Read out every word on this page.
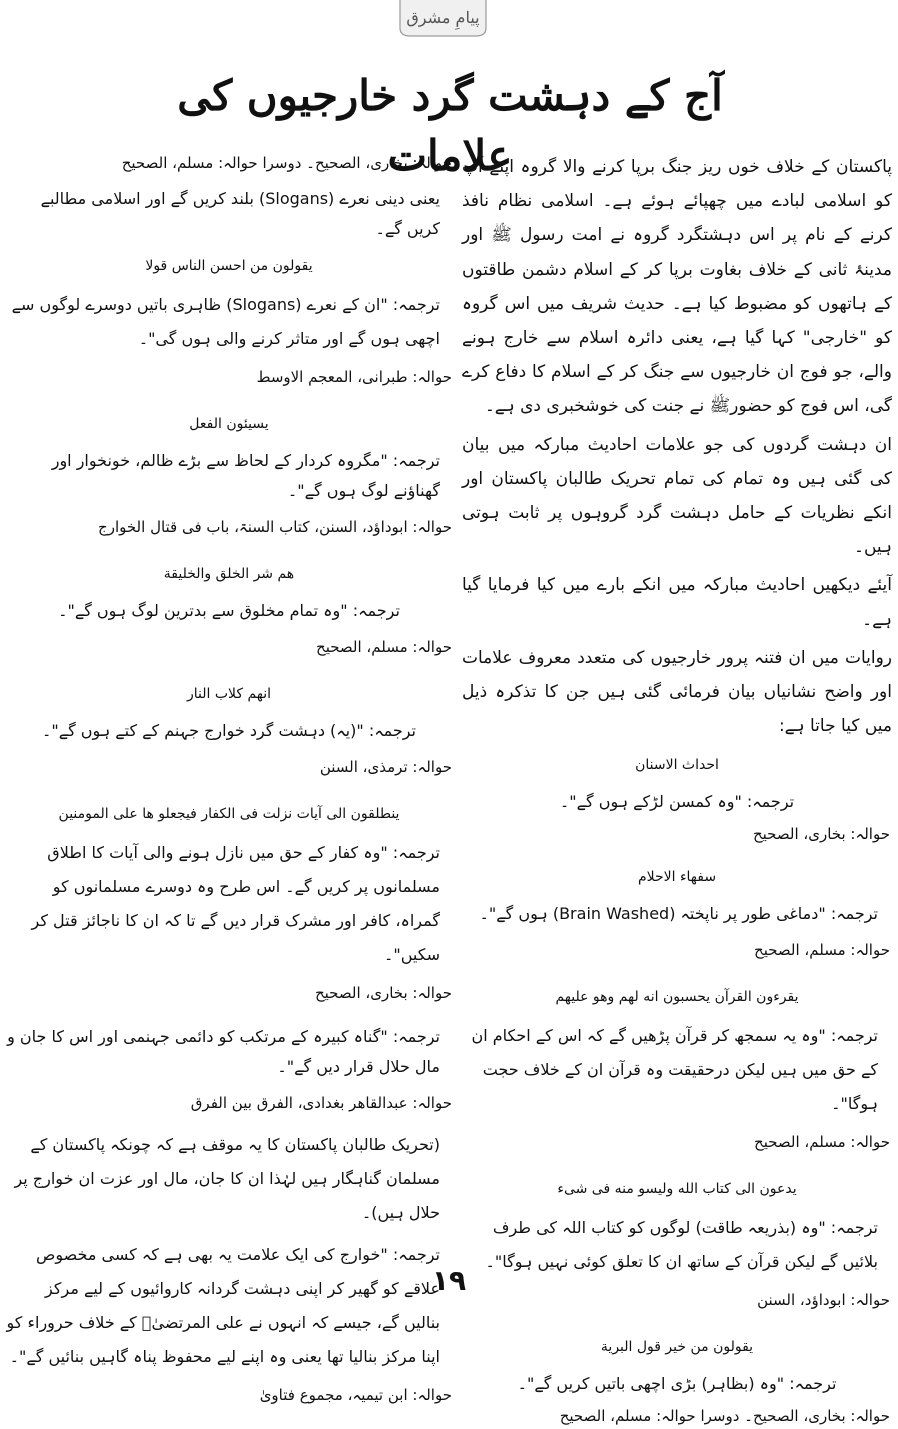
پیامِ مشرق
آج کے دہشت گرد خارجیوں کی علامات
پاکستان کے خلاف خوں ریز جنگ برپا کرنے والا گروہ اپنے آپ کو اسلامی لبادے میں چھپائے ہوئے ہے۔ اسلامی نظام نافذ کرنے کے نام پر اس دہشتگرد گروہ نے امت رسول ﷺ اور مدینۂ ثانی کے خلاف بغاوت برپا کر کے اسلام دشمن طاقتوں کے ہاتھوں کو مضبوط کیا ہے۔ حدیث شریف میں اس گروہ کو "خارجی" کہا گیا ہے، یعنی دائرہ اسلام سے خارج ہونے والے، جو فوج ان خارجیوں سے جنگ کر کے اسلام کا دفاع کرے گی، اس فوج کو حضورﷺ نے جنت کی خوشخبری دی ہے۔
ان دہشت گردوں کی جو علامات احادیث مبارکہ میں بیان کی گئی ہیں وہ تمام کی تمام تحریک طالبان پاکستان اور انکے نظریات کے حامل دہشت گرد گروہوں پر ثابت ہوتی ہیں۔
آیئے دیکھیں احادیث مبارکہ میں انکے بارے میں کیا فرمایا گیا ہے۔
روایات میں ان فتنہ پرور خارجیوں کی متعدد معروف علامات اور واضح نشانیاں بیان فرمائی گئی ہیں جن کا تذکرہ ذیل میں کیا جاتا ہے:
احداث الاسنان
ترجمہ: "وہ کمسن لڑکے ہوں گے"۔
حوالہ: بخاری، الصحیح
سفهاء الاحلام
ترجمہ: "دماغی طور پر ناپختہ (Brain Washed) ہوں گے"۔
حوالہ: مسلم، الصحیح
يقرءون القرآن يحسبون انه لهم وهو عليهم
ترجمہ: "وہ یہ سمجھ کر قرآن پڑھیں گے کہ اس کے احکام ان کے حق میں ہیں لیکن درحقیقت وہ قرآن ان کے خلاف حجت ہوگا"۔
حوالہ: مسلم، الصحیح
يدعون الى كتاب الله وليسو منه فى شىء
ترجمہ: "وہ (بذریعہ طاقت) لوگوں کو کتاب اللہ کی طرف بلائیں گے لیکن قرآن کے ساتھ ان کا تعلق کوئی نہیں ہوگا"۔
حوالہ: ابوداؤد، السنن
يقولون من خير قول البرية
ترجمہ: "وہ (بظاہر) بڑی اچھی باتیں کریں گے"۔
حوالہ: بخاری، الصحیح۔ دوسرا حوالہ: مسلم، الصحیح
حوالہ: بخاری، الصحیح۔ دوسرا حوالہ: مسلم، الصحیح
یعنی دینی نعرے (Slogans) بلند کریں گے اور اسلامی مطالبے کریں گے۔
يقولون من احسن الناس قولا
ترجمہ: "ان کے نعرے (Slogans) ظاہری باتیں دوسرے لوگوں سے اچھی ہوں گے اور متاثر کرنے والی ہوں گی"۔
حوالہ: طبرانی، المعجم الاوسط
يسيئون الفعل
ترجمہ: "مگروہ کردار کے لحاظ سے بڑے ظالم، خونخوار اور گھناؤنے لوگ ہوں گے"۔
حوالہ: ابوداؤد، السنن، کتاب السنۃ، باب فی قتال الخوارج
هم شر الخلق والخليقة
ترجمہ: "وہ تمام مخلوق سے بدترین لوگ ہوں گے"۔
حوالہ: مسلم، الصحیح
انهم كلاب النار
ترجمہ: "(یہ) دہشت گرد خوارج جہنم کے کتے ہوں گے"۔
حوالہ: ترمذی، السنن
ينطلقون الى آيات نزلت فى الكفار فيجعلو ها على المومنين
ترجمہ: "وہ کفار کے حق میں نازل ہونے والی آیات کا اطلاق مسلمانوں پر کریں گے۔ اس طرح وہ دوسرے مسلمانوں کو گمراہ، کافر اور مشرک قرار دیں گے تا کہ ان کا ناجائز قتل کر سکیں"۔
حوالہ: بخاری، الصحیح
ترجمہ: "گناہ کبیرہ کے مرتکب کو دائمی جہنمی اور اس کا جان و مال حلال قرار دیں گے"۔
حوالہ: عبدالقاھر بغدادی، الفرق بین الفرق
(تحریک طالبان پاکستان کا یہ موقف ہے کہ چونکہ پاکستان کے مسلمان گناہگار ہیں لہٰذا ان کا جان، مال اور عزت ان خوارج پر حلال ہیں)۔
ترجمہ: "خوارج کی ایک علامت یہ بھی ہے کہ کسی مخصوص علاقے کو گھیر کر اپنی دہشت گردانہ کاروائیوں کے لیے مرکز بنالیں گے، جیسے کہ انہوں نے علی المرتضیٰؓ کے خلاف حروراء کو اپنا مرکز بنالیا تھا یعنی وہ اپنے لیے محفوظ پناہ گاہیں بنائیں گے"۔
حوالہ: ابن تیمیہ، مجموع فتاویٰ
١٩
